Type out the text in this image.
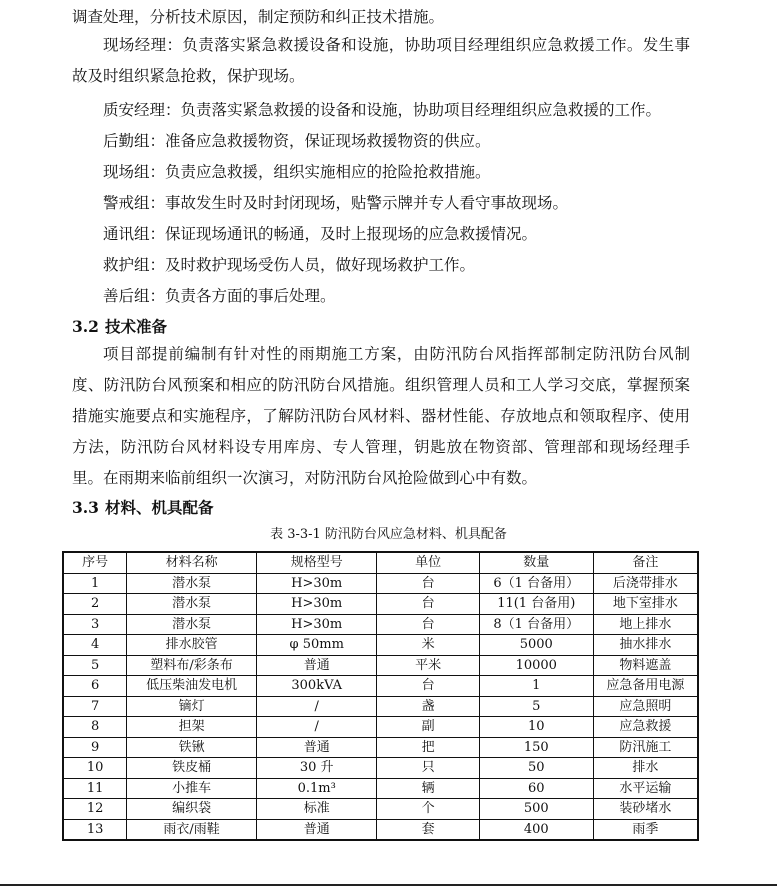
调查处理，分析技术原因，制定预防和纠正技术措施。
现场经理：负责落实紧急救援设备和设施，协助项目经理组织应急救援工作。发生事故及时组织紧急抢救，保护现场。
质安经理：负责落实紧急救援的设备和设施，协助项目经理组织应急救援的工作。
后勤组：准备应急救援物资，保证现场救援物资的供应。
现场组：负责应急救援，组织实施相应的抢险抢救措施。
警戒组：事故发生时及时封闭现场，贴警示牌并专人看守事故现场。
通讯组：保证现场通讯的畅通，及时上报现场的应急救援情况。
救护组：及时救护现场受伤人员，做好现场救护工作。
善后组：负责各方面的事后处理。
3.2 技术准备
项目部提前编制有针对性的雨期施工方案，由防汛防台风指挥部制定防汛防台风制度、防汛防台风预案和相应的防汛防台风措施。组织管理人员和工人学习交底，掌握预案措施实施要点和实施程序，了解防汛防台风材料、器材性能、存放地点和领取程序、使用方法，防汛防台风材料设专用库房、专人管理，钥匙放在物资部、管理部和现场经理手里。在雨期来临前组织一次演习，对防汛防台风抢险做到心中有数。
3.3 材料、机具配备
表 3-3-1 防汛防台风应急材料、机具配备
序号	材料名称	规格型号	单位	数量	备注
1	潜水泵	H>30m	台	6（1 台备用）	后浇带排水
2	潜水泵	H>30m	台	11(1 台备用)	地下室排水
3	潜水泵	H>30m	台	8（1 台备用）	地上排水
4	排水胶管	φ 50mm	米	5000	抽水排水
5	塑料布/彩条布	普通	平米	10000	物料遮盖
6	低压柴油发电机	300kVA	台	1	应急备用电源
7	镝灯	/	盏	5	应急照明
8	担架	/	副	10	应急救援
9	铁锹	普通	把	150	防汛施工
10	铁皮桶	30 升	只	50	排水
11	小推车	0.1m³	辆	60	水平运输
12	编织袋	标准	个	500	装砂堵水
13	雨衣/雨鞋	普通	套	400	雨季
